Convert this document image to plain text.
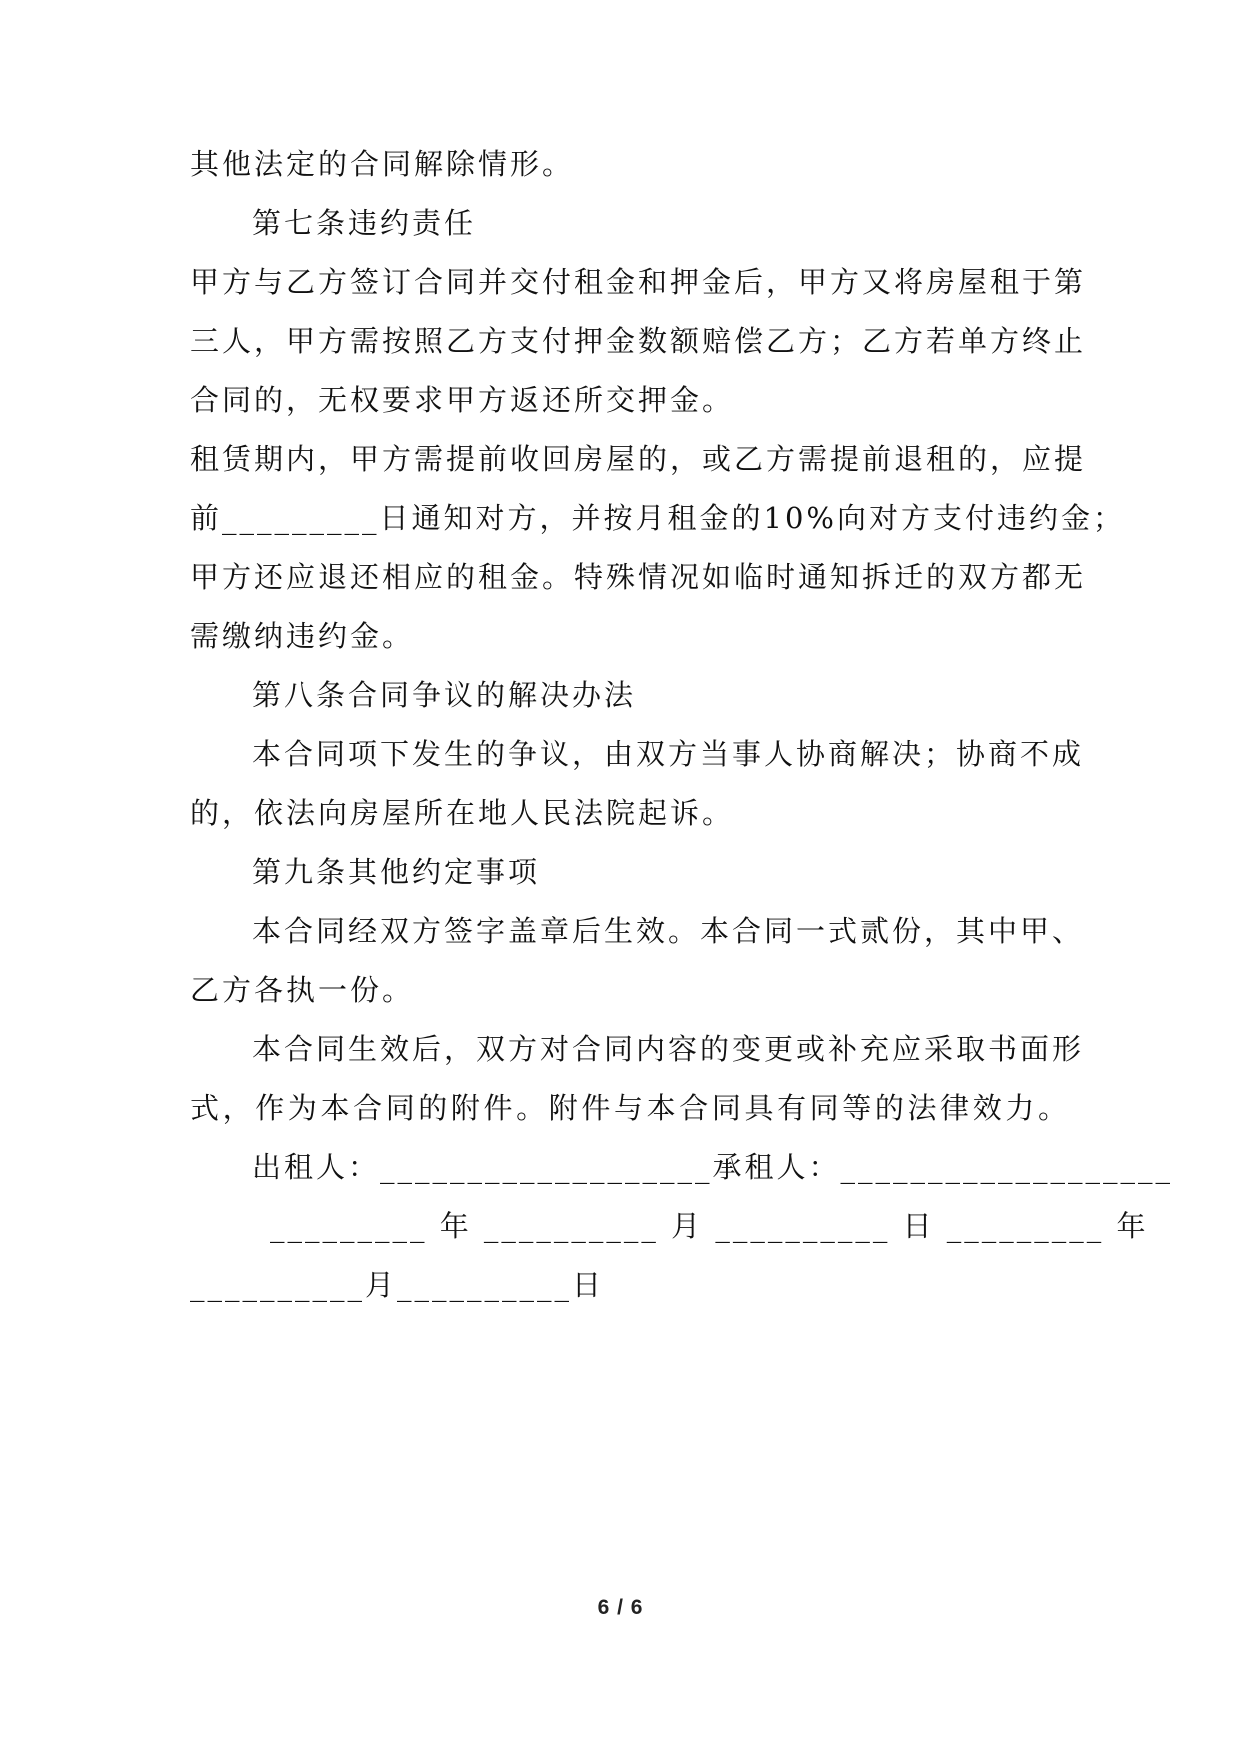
其他法定的合同解除情形。
第七条违约责任
甲方与乙方签订合同并交付租金和押金后，甲方又将房屋租于第
三人，甲方需按照乙方支付押金数额赔偿乙方；乙方若单方终止
合同的，无权要求甲方返还所交押金。
租赁期内，甲方需提前收回房屋的，或乙方需提前退租的，应提
前_________日通知对方，并按月租金的10%向对方支付违约金；
甲方还应退还相应的租金。特殊情况如临时通知拆迁的双方都无
需缴纳违约金。
第八条合同争议的解决办法
本合同项下发生的争议，由双方当事人协商解决；协商不成
的，依法向房屋所在地人民法院起诉。
第九条其他约定事项
本合同经双方签字盖章后生效。本合同一式贰份，其中甲、
乙方各执一份。
本合同生效后，双方对合同内容的变更或补充应采取书面形
式，作为本合同的附件。附件与本合同具有同等的法律效力。
出租人：___________________承租人：___________________
_________ 年 __________ 月 __________ 日 _________ 年
__________月__________日
6 / 6
